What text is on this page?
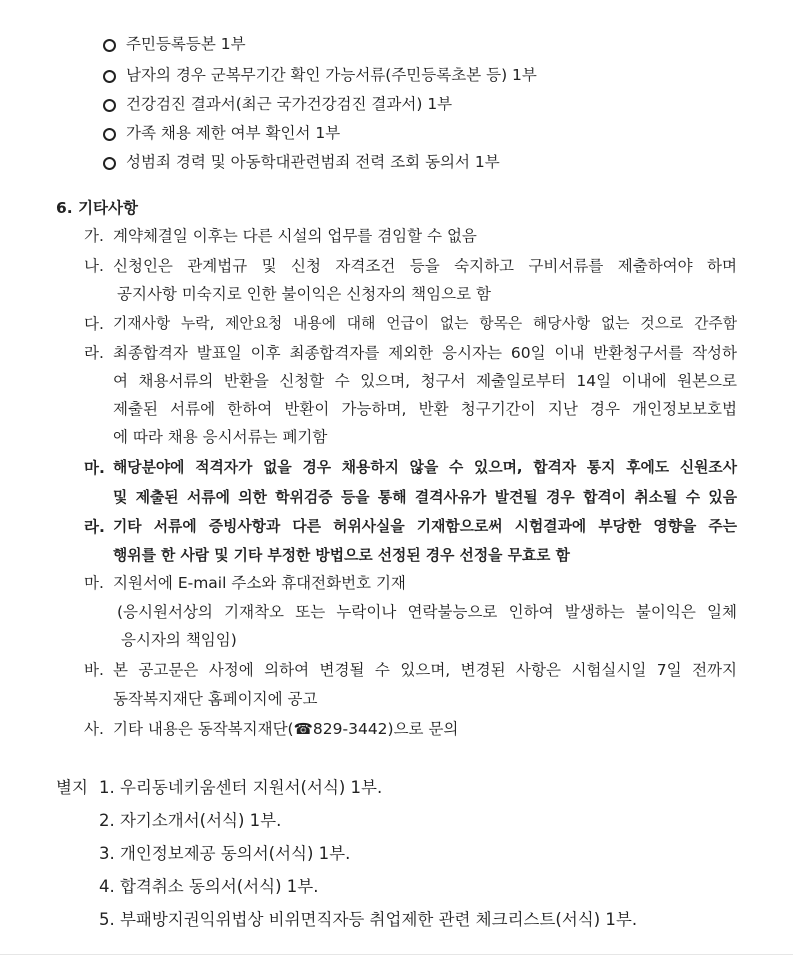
주민등록등본 1부
남자의 경우 군복무기간 확인 가능서류(주민등록초본 등) 1부
건강검진 결과서(최근 국가건강검진 결과서) 1부
가족 채용 제한 여부 확인서 1부
성범죄 경력 및 아동학대관련범죄 전력 조회 동의서 1부
6. 기타사항
가. 계약체결일 이후는 다른 시설의 업무를 겸임할 수 없음
나. 신청인은 관계법규 및 신청 자격조건 등을 숙지하고 구비서류를 제출하여야 하며
공지사항 미숙지로 인한 불이익은 신청자의 책임으로 함
다. 기재사항 누락, 제안요청 내용에 대해 언급이 없는 항목은 해당사항 없는 것으로 간주함
라. 최종합격자 발표일 이후 최종합격자를 제외한 응시자는 60일 이내 반환청구서를 작성하
여 채용서류의 반환을 신청할 수 있으며, 청구서 제출일로부터 14일 이내에 원본으로
제출된 서류에 한하여 반환이 가능하며, 반환 청구기간이 지난 경우 개인정보보호법
에 따라 채용 응시서류는 폐기함
마. 해당분야에 적격자가 없을 경우 채용하지 않을 수 있으며, 합격자 통지 후에도 신원조사
및 제출된 서류에 의한 학위검증 등을 통해 결격사유가 발견될 경우 합격이 취소될 수 있음
라. 기타 서류에 증빙사항과 다른 허위사실을 기재함으로써 시험결과에 부당한 영향을 주는
행위를 한 사람 및 기타 부정한 방법으로 선정된 경우 선정을 무효로 함
마. 지원서에 E-mail 주소와 휴대전화번호 기재
(응시원서상의 기재착오 또는 누락이나 연락불능으로 인하여 발생하는 불이익은 일체
응시자의 책임임)
바. 본 공고문은 사정에 의하여 변경될 수 있으며, 변경된 사항은 시험실시일 7일 전까지
동작복지재단 홈페이지에 공고
사. 기타 내용은 동작복지재단(☎829-3442)으로 문의
별지 1. 우리동네키움센터 지원서(서식) 1부.
2. 자기소개서(서식) 1부.
3. 개인정보제공 동의서(서식) 1부.
4. 합격취소 동의서(서식) 1부.
5. 부패방지권익위법상 비위면직자등 취업제한 관련 체크리스트(서식) 1부.
